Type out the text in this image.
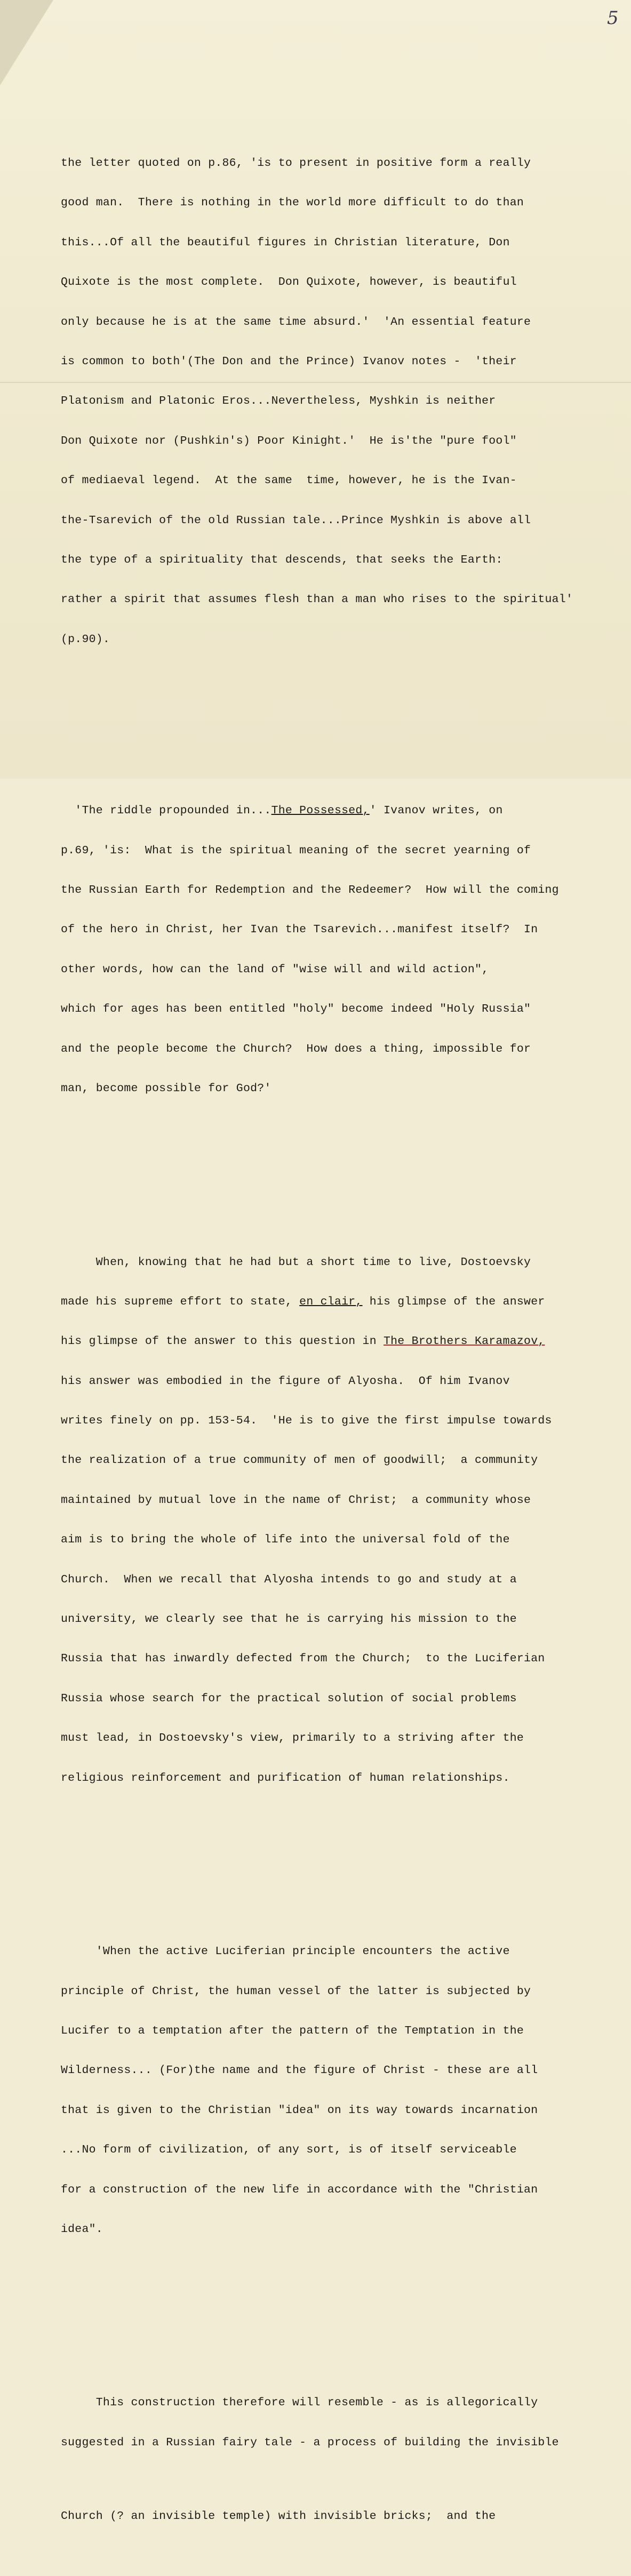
5

the letter quoted on p.86, 'is to present in positive form a really

good man.  There is nothing in the world more difficult to do than

this...Of all the beautiful figures in Christian literature, Don

Quixote is the most complete.  Don Quixote, however, is beautiful

only because he is at the same time absurd.'  'An essential feature

is common to both'(The Don and the Prince) Ivanov notes -  'their

Platonism and Platonic Eros...Nevertheless, Myshkin is neither

Don Quixote nor (Pushkin's) Poor Kinight.'  He is'the "pure fool"

of mediaeval legend.  At the same  time, however, he is the Ivan-

the-Tsarevich of the old Russian tale...Prince Myshkin is above all

the type of a spirituality that descends, that seeks the Earth:

rather a spirit that assumes flesh than a man who rises to the spiritual'

(p.90).

'The riddle propounded in...The Possessed,' Ivanov writes, on

p.69, 'is:  What is the spiritual meaning of the secret yearning of

the Russian Earth for Redemption and the Redeemer?  How will the coming

of the hero in Christ, her Ivan the Tsarevich...manifest itself?  In

other words, how can the land of "wise will and wild action",

which for ages has been entitled "holy" become indeed "Holy Russia"

and the people become the Church?  How does a thing, impossible for

man, become possible for God?'

When, knowing that he had but a short time to live, Dostoevsky

made his supreme effort to state, en clair, his glimpse of the answer

his glimpse of the answer to this question in The Brothers Karamazov,

his answer was embodied in the figure of Alyosha.  Of him Ivanov

writes finely on pp. 153-54.  'He is to give the first impulse towards

the realization of a true community of men of goodwill;  a community

maintained by mutual love in the name of Christ;  a community whose

aim is to bring the whole of life into the universal fold of the

Church.  When we recall that Alyosha intends to go and study at a

university, we clearly see that he is carrying his mission to the

Russia that has inwardly defected from the Church;  to the Luciferian

Russia whose search for the practical solution of social problems

must lead, in Dostoevsky's view, primarily to a striving after the

religious reinforcement and purification of human relationships.

'When the active Luciferian principle encounters the active

principle of Christ, the human vessel of the latter is subjected by

Lucifer to a temptation after the pattern of the Temptation in the

Wilderness... (For)the name and the figure of Christ - these are all

that is given to the Christian "idea" on its way towards incarnation

...No form of civilization, of any sort, is of itself serviceable

for a construction of the new life in accordance with the "Christian

idea".

This construction therefore will resemble - as is allegorically

suggested in a Russian fairy tale - a process of building the invisible

Church (? an invisible temple) with invisible bricks;  and the
